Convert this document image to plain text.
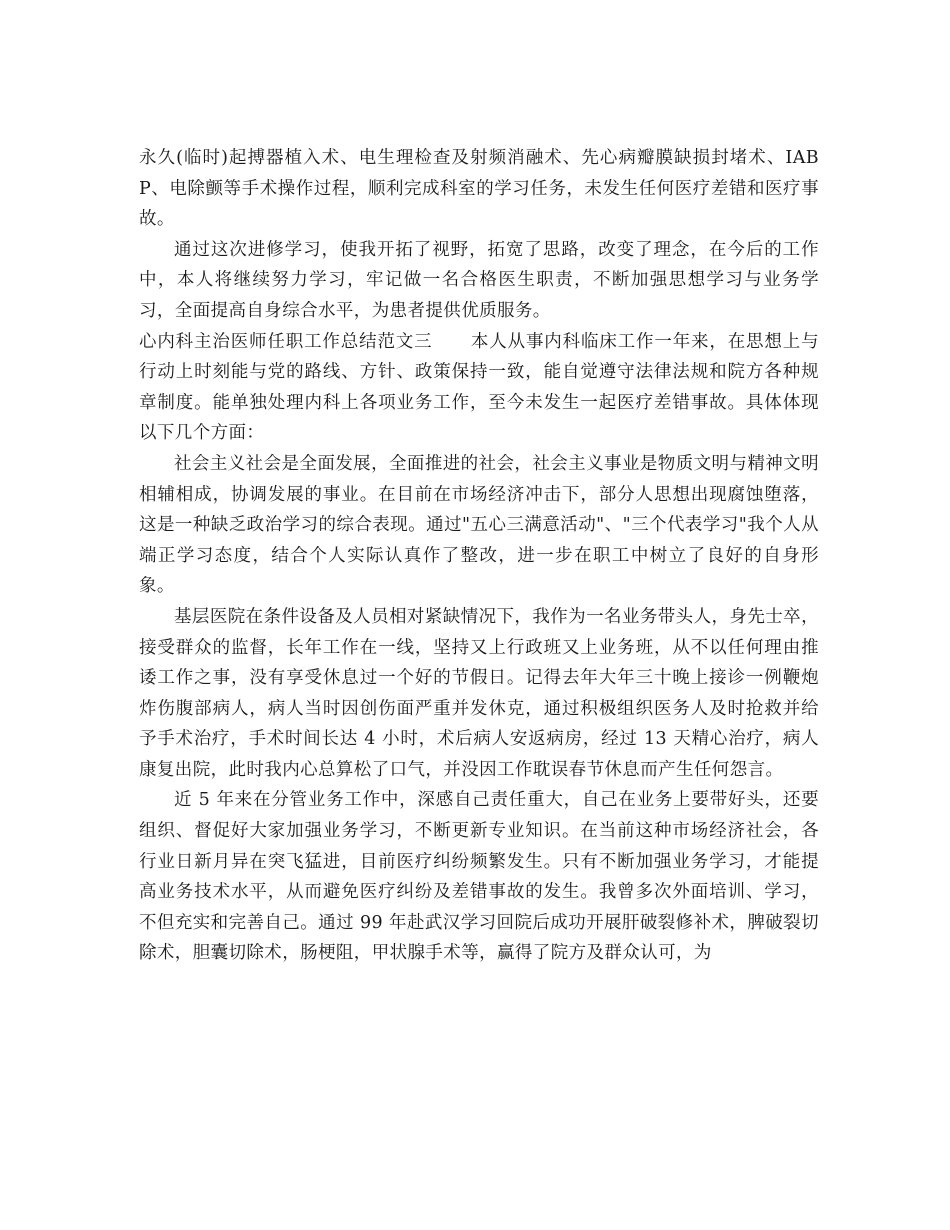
永久(临时)起搏器植入术、电生理检查及射频消融术、先心病瓣膜缺损封堵术、IABP、电除颤等手术操作过程，顺利完成科室的学习任务，未发生任何医疗差错和医疗事故。

通过这次进修学习，使我开拓了视野，拓宽了思路，改变了理念，在今后的工作中，本人将继续努力学习，牢记做一名合格医生职责，不断加强思想学习与业务学习，全面提高自身综合水平，为患者提供优质服务。

心内科主治医师任职工作总结范文三 本人从事内科临床工作一年来，在思想上与行动上时刻能与党的路线、方针、政策保持一致，能自觉遵守法律法规和院方各种规章制度。能单独处理内科上各项业务工作，至今未发生一起医疗差错事故。具体体现以下几个方面：

社会主义社会是全面发展，全面推进的社会，社会主义事业是物质文明与精神文明相辅相成，协调发展的事业。在目前在市场经济冲击下，部分人思想出现腐蚀堕落，这是一种缺乏政治学习的综合表现。通过"五心三满意活动"、"三个代表学习"我个人从端正学习态度，结合个人实际认真作了整改，进一步在职工中树立了良好的自身形象。

基层医院在条件设备及人员相对紧缺情况下，我作为一名业务带头人，身先士卒，接受群众的监督，长年工作在一线，坚持又上行政班又上业务班，从不以任何理由推诿工作之事，没有享受休息过一个好的节假日。记得去年大年三十晚上接诊一例鞭炮炸伤腹部病人，病人当时因创伤面严重并发休克，通过积极组织医务人及时抢救并给予手术治疗，手术时间长达 4 小时，术后病人安返病房，经过 13 天精心治疗，病人康复出院，此时我内心总算松了口气，并没因工作耽误春节休息而产生任何怨言。

近 5 年来在分管业务工作中，深感自己责任重大，自己在业务上要带好头，还要组织、督促好大家加强业务学习，不断更新专业知识。在当前这种市场经济社会，各行业日新月异在突飞猛进，目前医疗纠纷频繁发生。只有不断加强业务学习，才能提高业务技术水平，从而避免医疗纠纷及差错事故的发生。我曾多次外面培训、学习，不但充实和完善自己。通过 99 年赴武汉学习回院后成功开展肝破裂修补术，脾破裂切除术，胆囊切除术，肠梗阻，甲状腺手术等，赢得了院方及群众认可，为
